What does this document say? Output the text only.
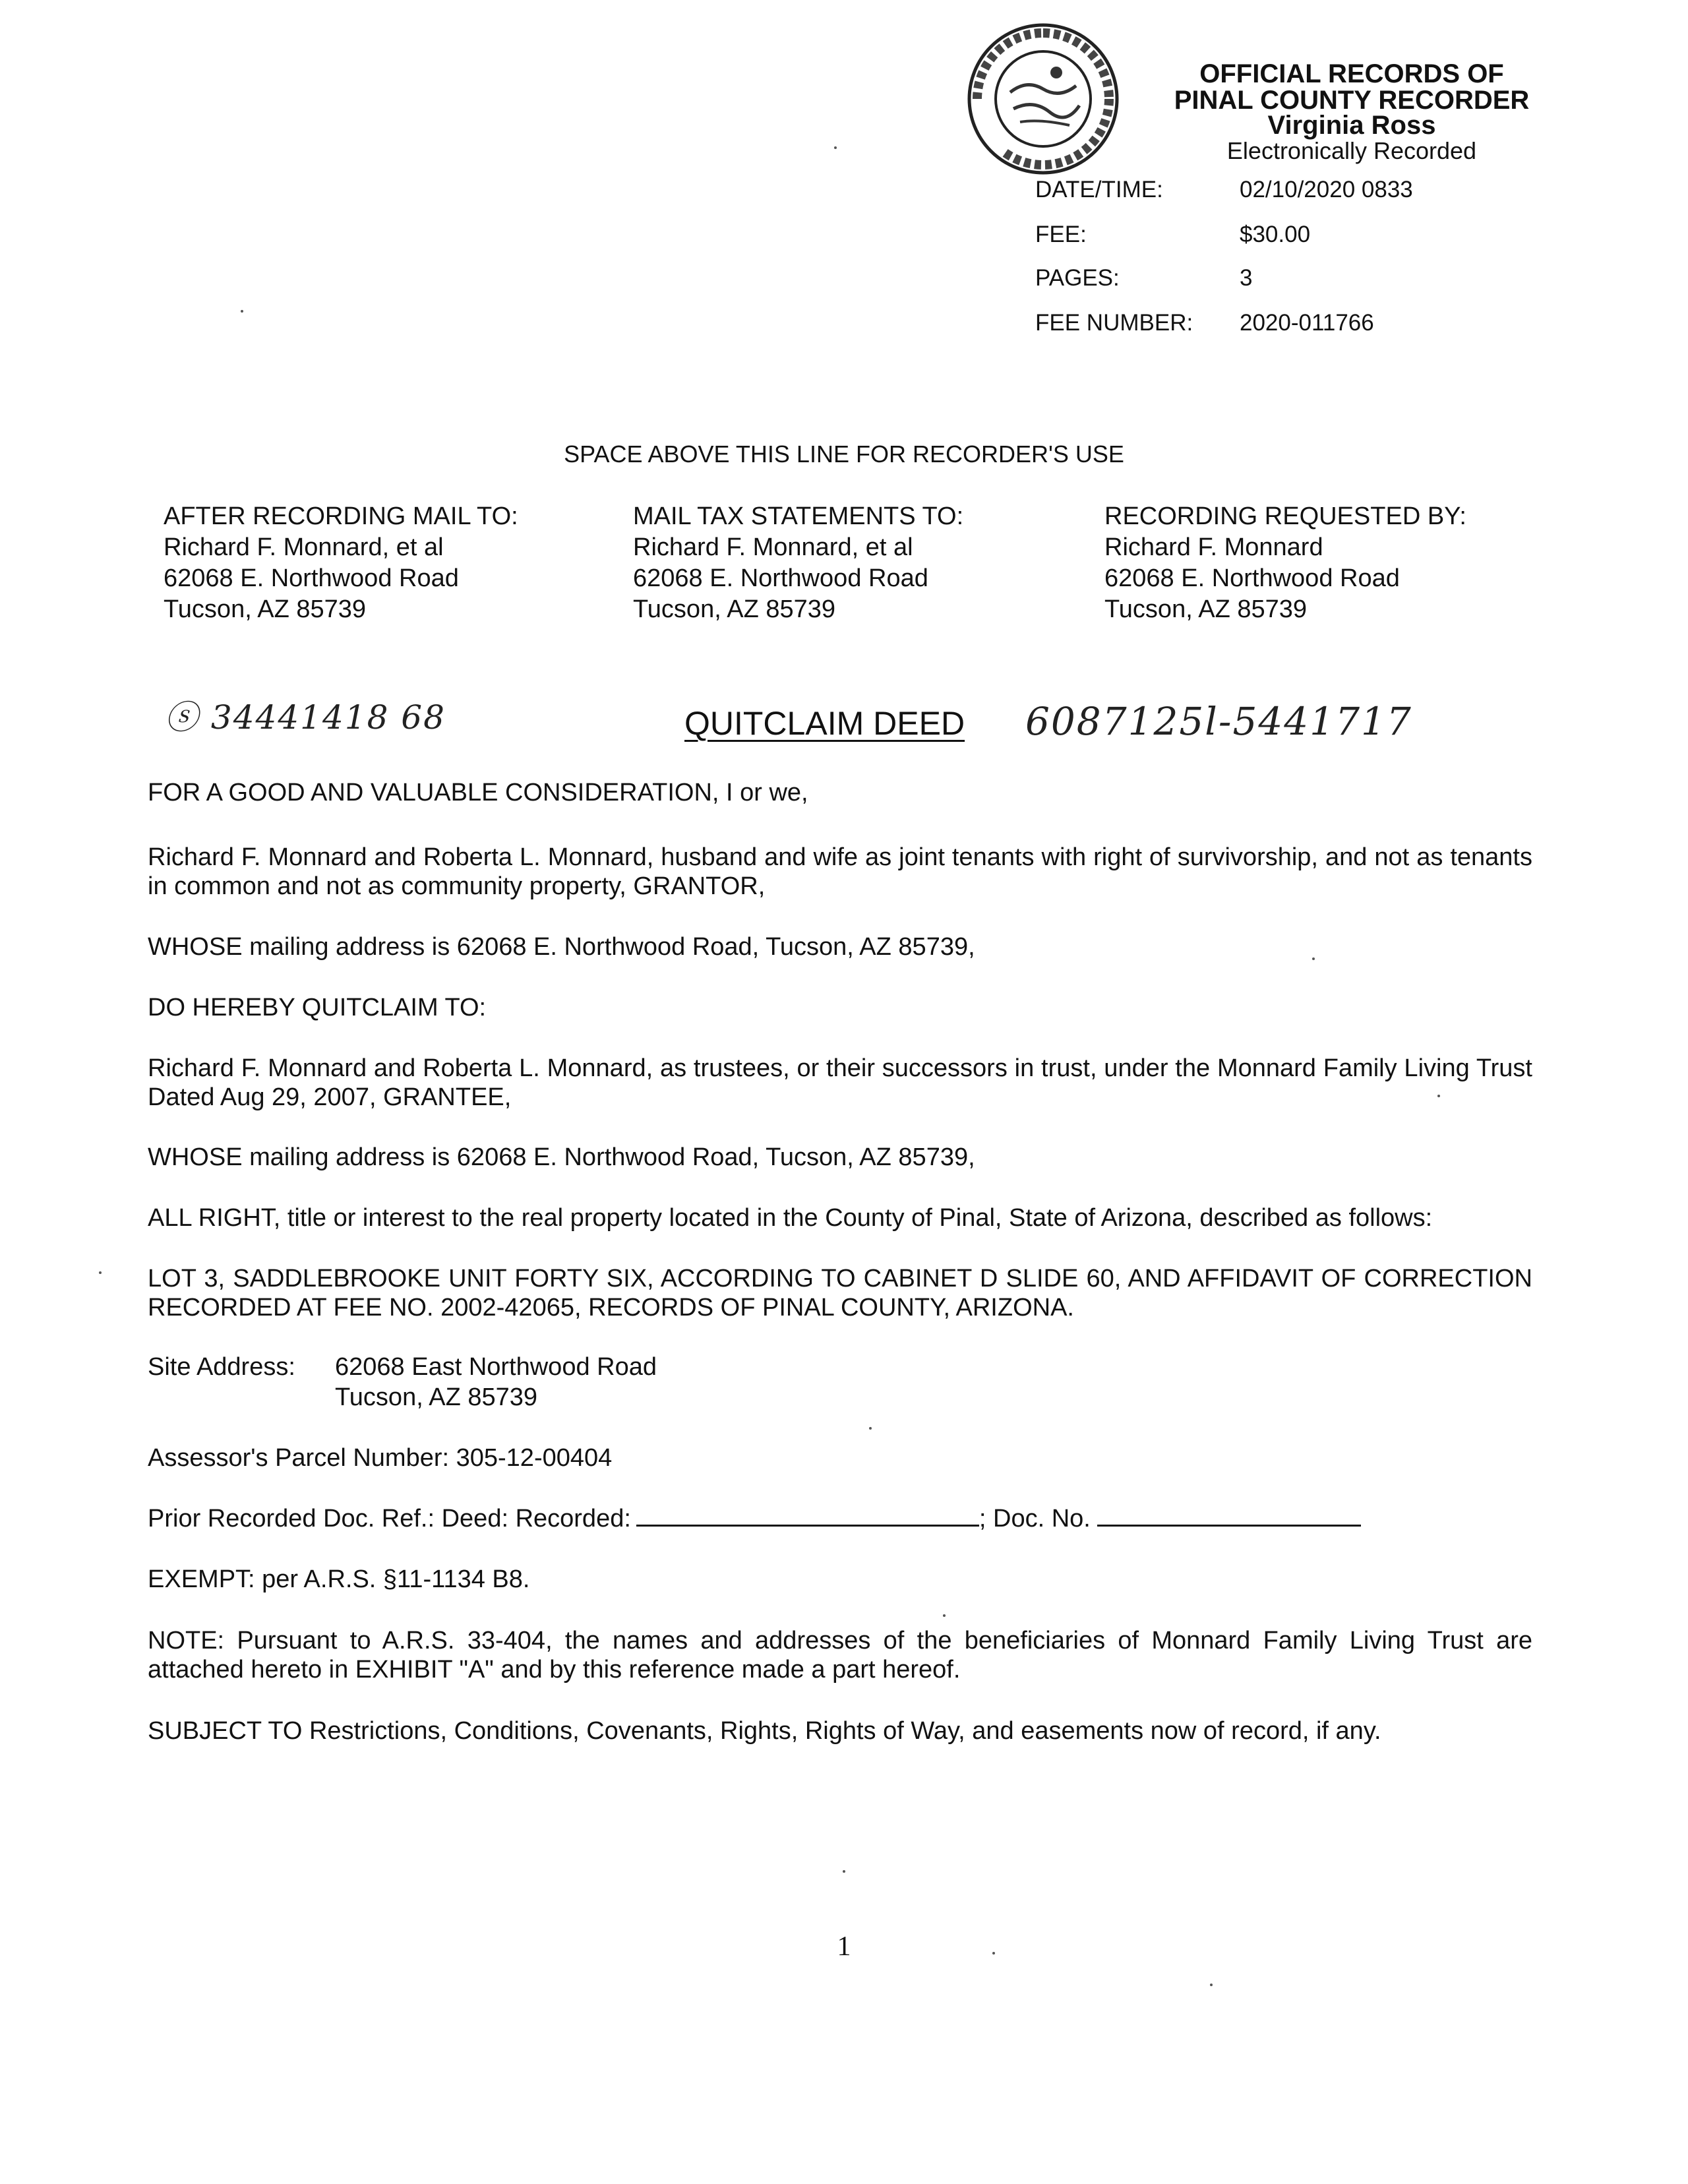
OFFICIAL RECORDS OF
PINAL COUNTY RECORDER
Virginia Ross
Electronically Recorded
DATE/TIME:	02/10/2020 0833
FEE:	$30.00
PAGES:	3
FEE NUMBER: 2020-011766
SPACE ABOVE THIS LINE FOR RECORDER'S USE
AFTER RECORDING MAIL TO:
Richard F. Monnard, et al
62068 E. Northwood Road
Tucson, AZ 85739
MAIL TAX STATEMENTS TO:
Richard F. Monnard, et al
62068 E. Northwood Road
Tucson, AZ 85739
RECORDING REQUESTED BY:
Richard F. Monnard
62068 E. Northwood Road
Tucson, AZ 85739
ⓢ 34441418 68	QUITCLAIM DEED 6087125l-5441717
FOR A GOOD AND VALUABLE CONSIDERATION, I or we,
Richard F. Monnard and Roberta L. Monnard, husband and wife as joint tenants with right of survivorship, and not as tenants in common and not as community property, GRANTOR,
WHOSE mailing address is 62068 E. Northwood Road, Tucson, AZ 85739,
DO HEREBY QUITCLAIM TO:
Richard F. Monnard and Roberta L. Monnard, as trustees, or their successors in trust, under the Monnard Family Living Trust Dated Aug 29, 2007, GRANTEE,
WHOSE mailing address is 62068 E. Northwood Road, Tucson, AZ 85739,
ALL RIGHT, title or interest to the real property located in the County of Pinal, State of Arizona, described as follows:
LOT 3, SADDLEBROOKE UNIT FORTY SIX, ACCORDING TO CABINET D SLIDE 60, AND AFFIDAVIT OF CORRECTION RECORDED AT FEE NO. 2002-42065, RECORDS OF PINAL COUNTY, ARIZONA.
Site Address: 62068 East Northwood Road
Tucson, AZ 85739
Assessor's Parcel Number: 305-12-00404
Prior Recorded Doc. Ref.: Deed: Recorded:	; Doc. No.
EXEMPT: per A.R.S. §11-1134 B8.
NOTE: Pursuant to A.R.S. 33-404, the names and addresses of the beneficiaries of Monnard Family Living Trust are attached hereto in EXHIBIT "A" and by this reference made a part hereof.
SUBJECT TO Restrictions, Conditions, Covenants, Rights, Rights of Way, and easements now of record, if any.
1
